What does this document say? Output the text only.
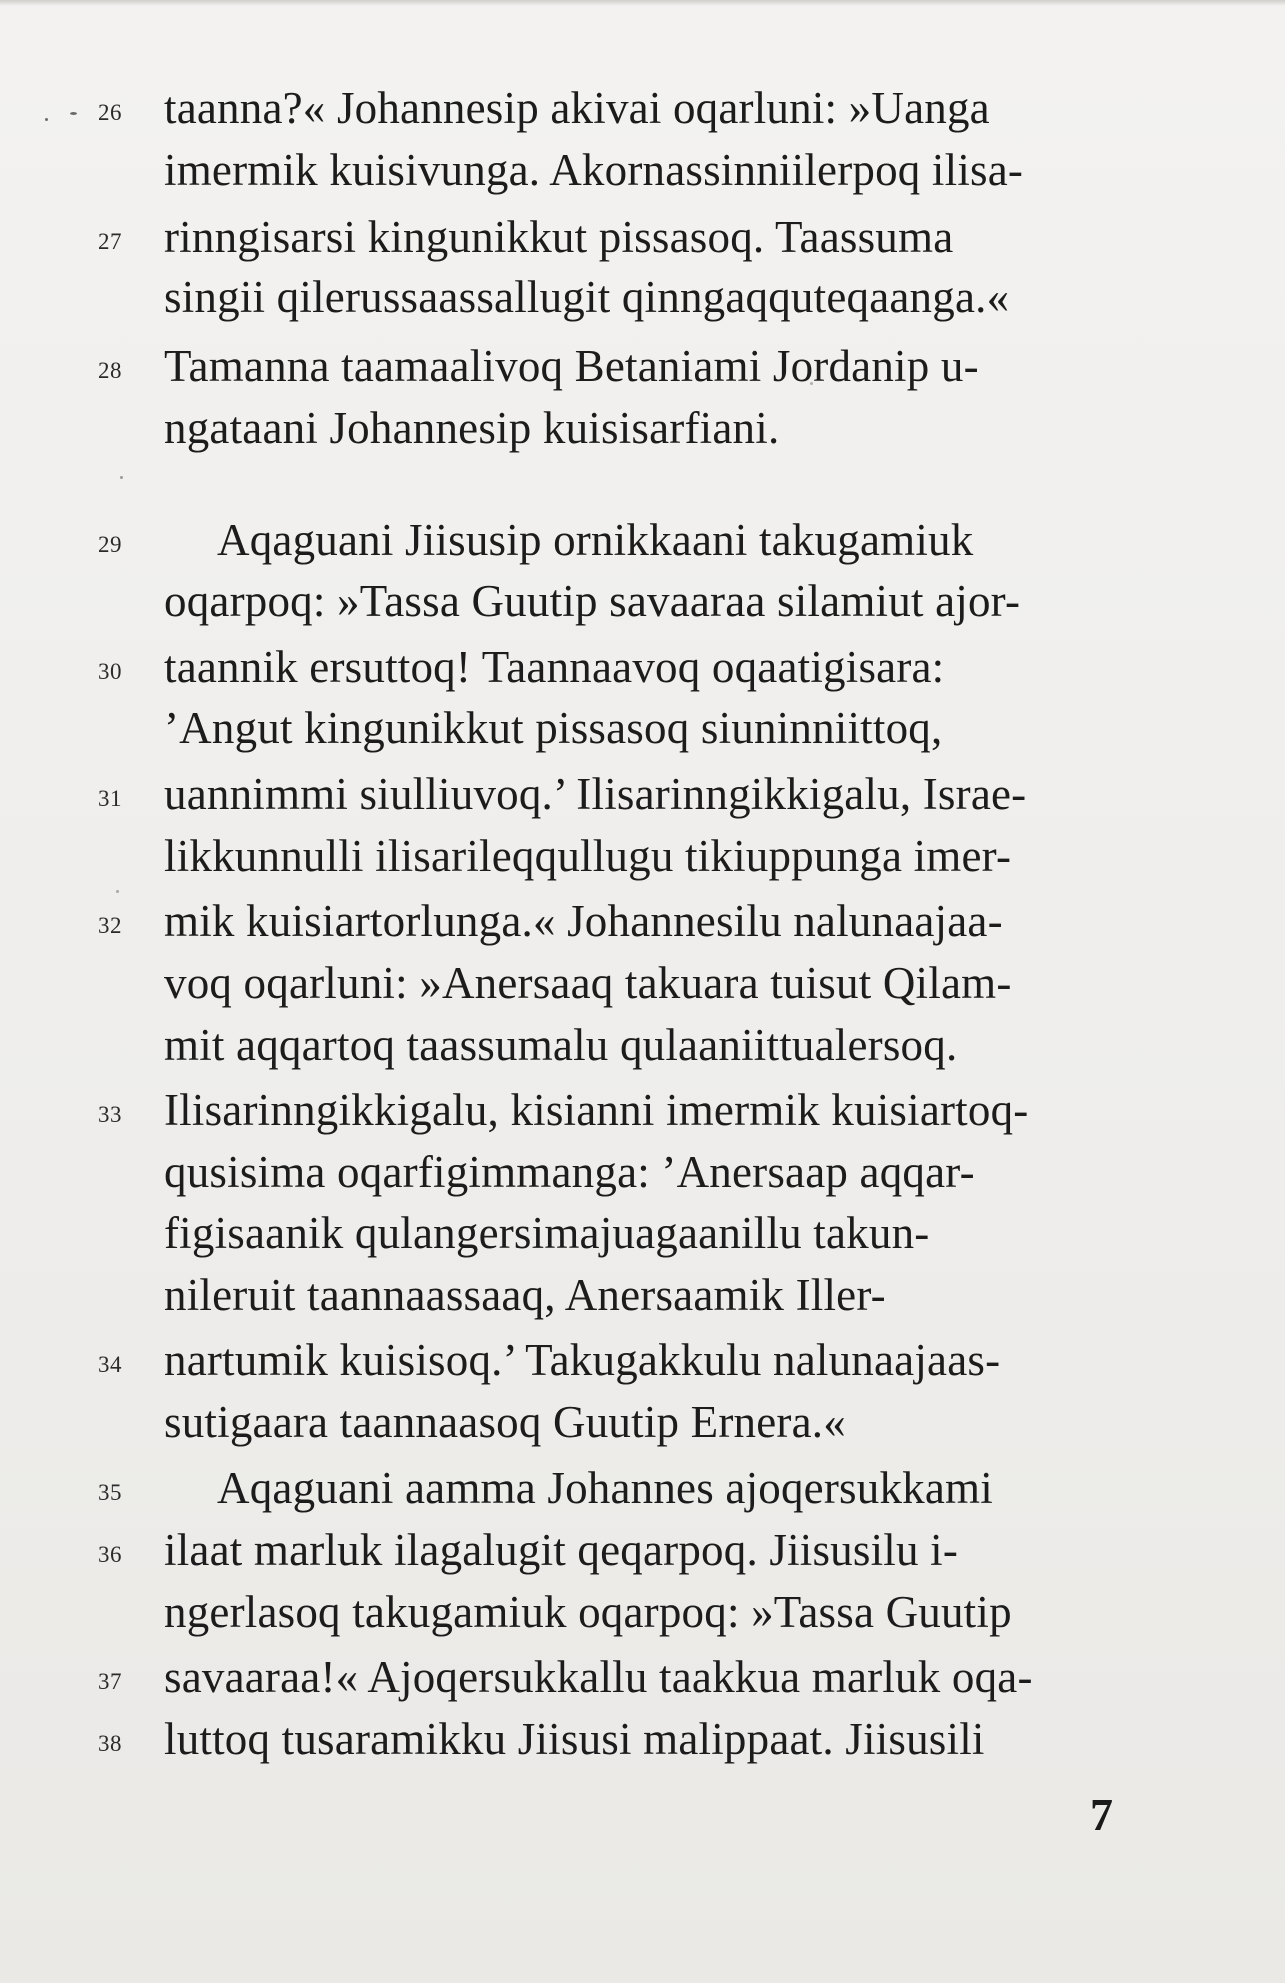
26 taanna?« Johannesip akivai oqarluni: »Uanga
imermik kuisivunga. Akornassinniilerpoq ilisa-
27 rinngisarsi kingunikkut pissasoq. Taassuma
singii qilerussaassallugit qinngaqquteqaanga.«
28 Tamanna taamaalivoq Betaniami Jordanip u-
ngataani Johannesip kuisisarfiani.
29	Aqaguani Jiisusip ornikkaani takugamiuk
oqarpoq: »Tassa Guutip savaaraa silamiut ajor-
30 taannik ersuttoq! Taannaavoq oqaatigisara:
’Angut kingunikkut pissasoq siuninniittoq,
31 uannimmi siulliuvoq.’ Ilisarinngikkigalu, Israe-
likkunnulli ilisarileqqullugu tikiuppunga imer-
32 mik kuisiartorlunga.« Johannesilu nalunaajaa-
voq oqarluni: »Anersaaq takuara tuisut Qilam-
mit aqqartoq taassumalu qulaaniittualersoq.
33 Ilisarinngikkigalu, kisianni imermik kuisiartoq-
qusisima oqarfigimmanga: ’Anersaap aqqar-
figisaanik qulangersimajuagaanillu takun-
nileruit taannaassaaq, Anersaamik Iller-
34 nartumik kuisisoq.’ Takugakkulu nalunaajaas-
sutigaara taannaasoq Guutip Ernera.«
35	Aqaguani aamma Johannes ajoqersukkami
36 ilaat marluk ilagalugit qeqarpoq. Jiisusilu i-
ngerlasoq takugamiuk oqarpoq: »Tassa Guutip
37 savaaraa!« Ajoqersukkallu taakkua marluk oqa-
38 luttoq tusaramikku Jiisusi malippaat. Jiisusili
7
